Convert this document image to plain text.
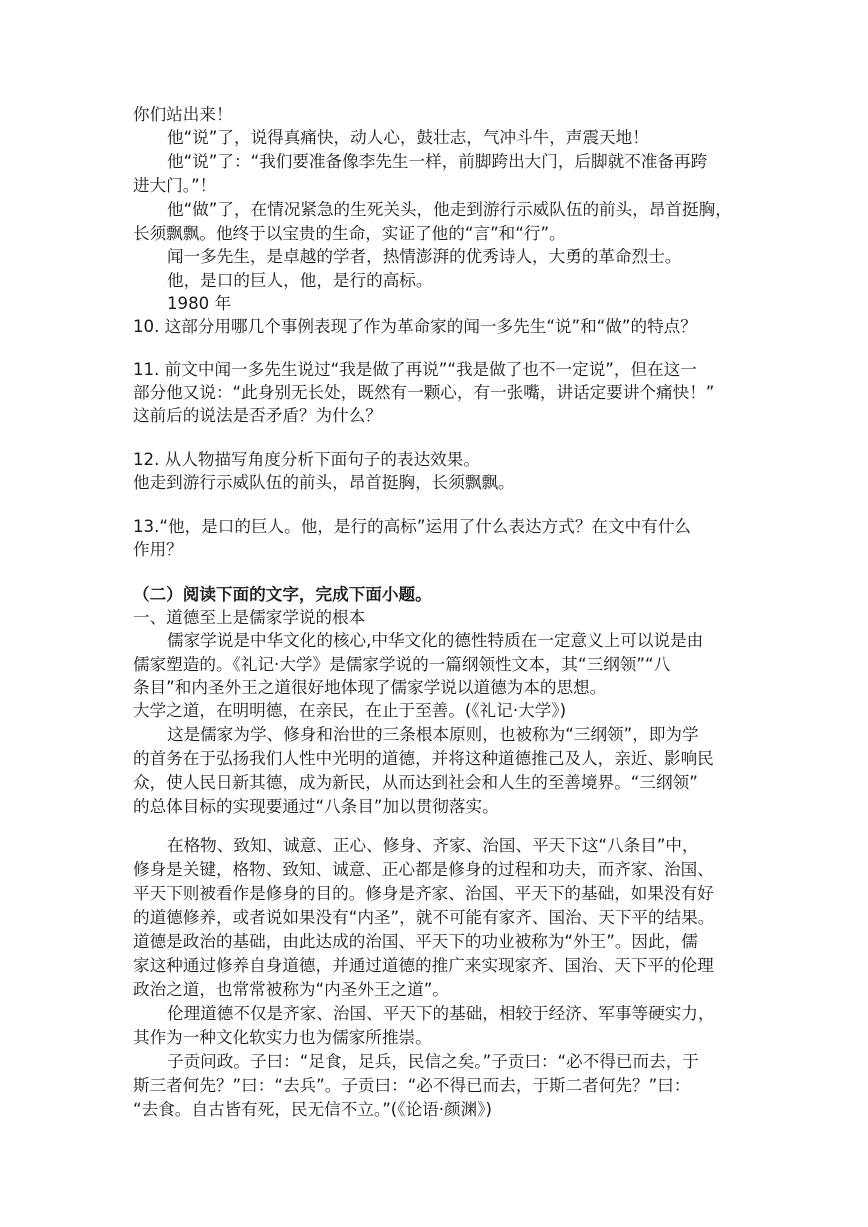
你们站出来！
他“说”了，说得真痛快，动人心，鼓壮志，气冲斗牛，声震天地！
他“说”了：“我们要准备像李先生一样，前脚跨出大门，后脚就不准备再跨
进大门。”！
他“做”了，在情况紧急的生死关头，他走到游行示威队伍的前头，昂首挺胸，
长须飘飘。他终于以宝贵的生命，实证了他的“言”和“行”。
闻一多先生，是卓越的学者，热情澎湃的优秀诗人，大勇的革命烈士。
他，是口的巨人，他，是行的高标。
1980 年
10. 这部分用哪几个事例表现了作为革命家的闻一多先生“说”和“做”的特点？
11. 前文中闻一多先生说过“我是做了再说”“我是做了也不一定说”，但在这一
部分他又说：“此身别无长处，既然有一颗心，有一张嘴，讲话定要讲个痛快！”
这前后的说法是否矛盾？为什么？
12. 从人物描写角度分析下面句子的表达效果。
他走到游行示威队伍的前头，昂首挺胸，长须飘飘。
13.“他，是口的巨人。他，是行的高标”运用了什么表达方式？在文中有什么
作用？
（二）阅读下面的文字，完成下面小题。
一、道德至上是儒家学说的根本
儒家学说是中华文化的核心,中华文化的德性特质在一定意义上可以说是由
儒家塑造的。《礼记·大学》是儒家学说的一篇纲领性文本，其“三纲领”“八
条目”和内圣外王之道很好地体现了儒家学说以道德为本的思想。
大学之道，在明明德，在亲民，在止于至善。(《礼记·大学》)
这是儒家为学、修身和治世的三条根本原则，也被称为“三纲领”，即为学
的首务在于弘扬我们人性中光明的道德，并将这种道德推己及人，亲近、影响民
众，使人民日新其德，成为新民，从而达到社会和人生的至善境界。“三纲领”
的总体目标的实现要通过“八条目”加以贯彻落实。
在格物、致知、诚意、正心、修身、齐家、治国、平天下这“八条目”中，
修身是关键，格物、致知、诚意、正心都是修身的过程和功夫，而齐家、治国、
平天下则被看作是修身的目的。修身是齐家、治国、平天下的基础，如果没有好
的道德修养，或者说如果没有“内圣”，就不可能有家齐、国治、天下平的结果。
道德是政治的基础，由此达成的治国、平天下的功业被称为“外王”。因此，儒
家这种通过修养自身道德，并通过道德的推广来实现家齐、国治、天下平的伦理
政治之道，也常常被称为“内圣外王之道”。
伦理道德不仅是齐家、治国、平天下的基础，相较于经济、军事等硬实力，
其作为一种文化软实力也为儒家所推崇。
子贡问政。子曰：“足食，足兵，民信之矣。”子贡曰：“必不得已而去，于
斯三者何先？”曰：“去兵”。子贡曰：“必不得已而去，于斯二者何先？”曰：
“去食。自古皆有死，民无信不立。”(《论语·颜渊》)
